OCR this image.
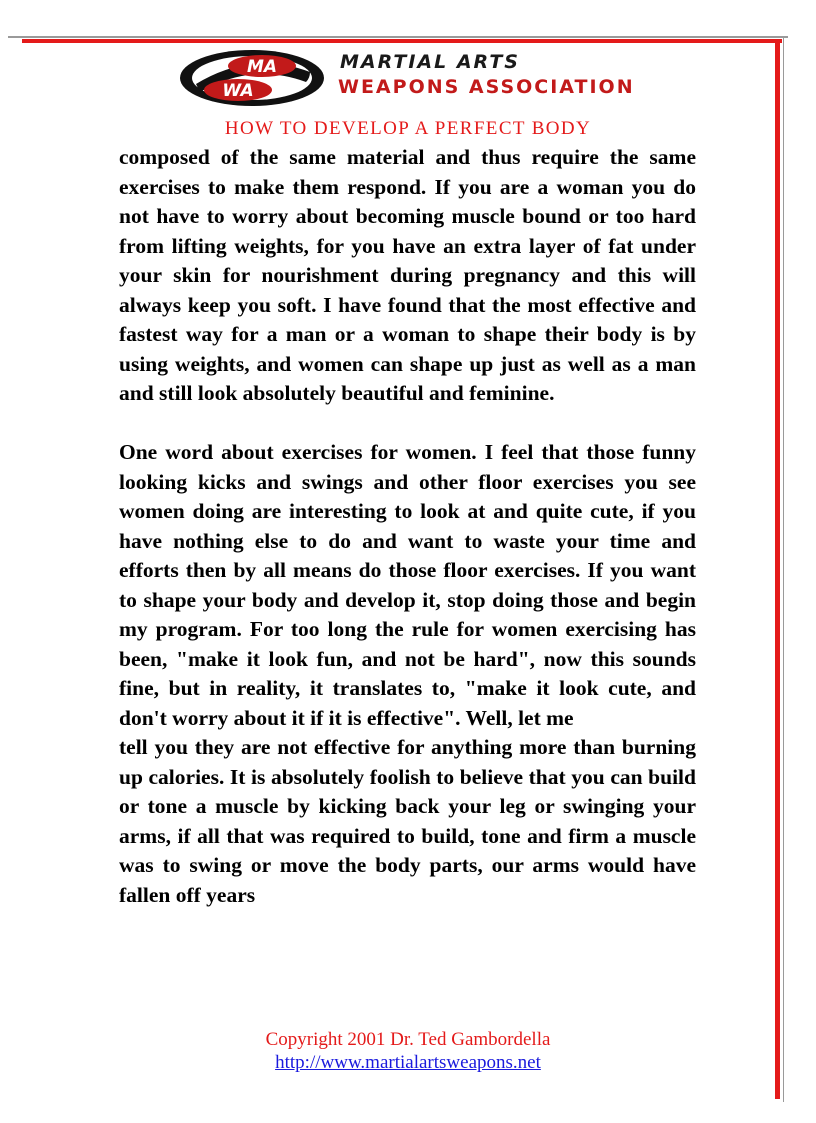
MA
WA
MARTIAL ARTS
WEAPONS ASSOCIATION
HOW TO DEVELOP A PERFECT BODY

composed of the same material and thus require the same exercises to make them respond. If you are a woman you do not have to worry about becoming muscle bound or too hard from lifting weights, for you have an extra layer of fat under your skin for nourishment during pregnancy and this will always keep you soft. I have found that the most effective and fastest way for a man or a woman to shape their body is by using weights, and women can shape up just as well as a man and still look absolutely beautiful and feminine.

One word about exercises for women. I feel that those funny looking kicks and swings and other floor exercises you see women doing are interesting to look at and quite cute, if you have nothing else to do and want to waste your time and efforts then by all means do those floor exercises. If you want to shape your body and develop it, stop doing those and begin my program. For too long the rule for women exercising has been, "make it look fun, and not be hard", now this sounds fine, but in reality, it translates to, "make it look cute, and don't worry about it if it is effective". Well, let me

tell you they are not effective for anything more than burning up calories. It is absolutely foolish to believe that you can build or tone a muscle by kicking back your leg or swinging your arms, if all that was required to build, tone and firm a muscle was to swing or move the body parts, our arms would have fallen off years

Copyright 2001 Dr. Ted Gambordella
http://www.martialartsweapons.net
